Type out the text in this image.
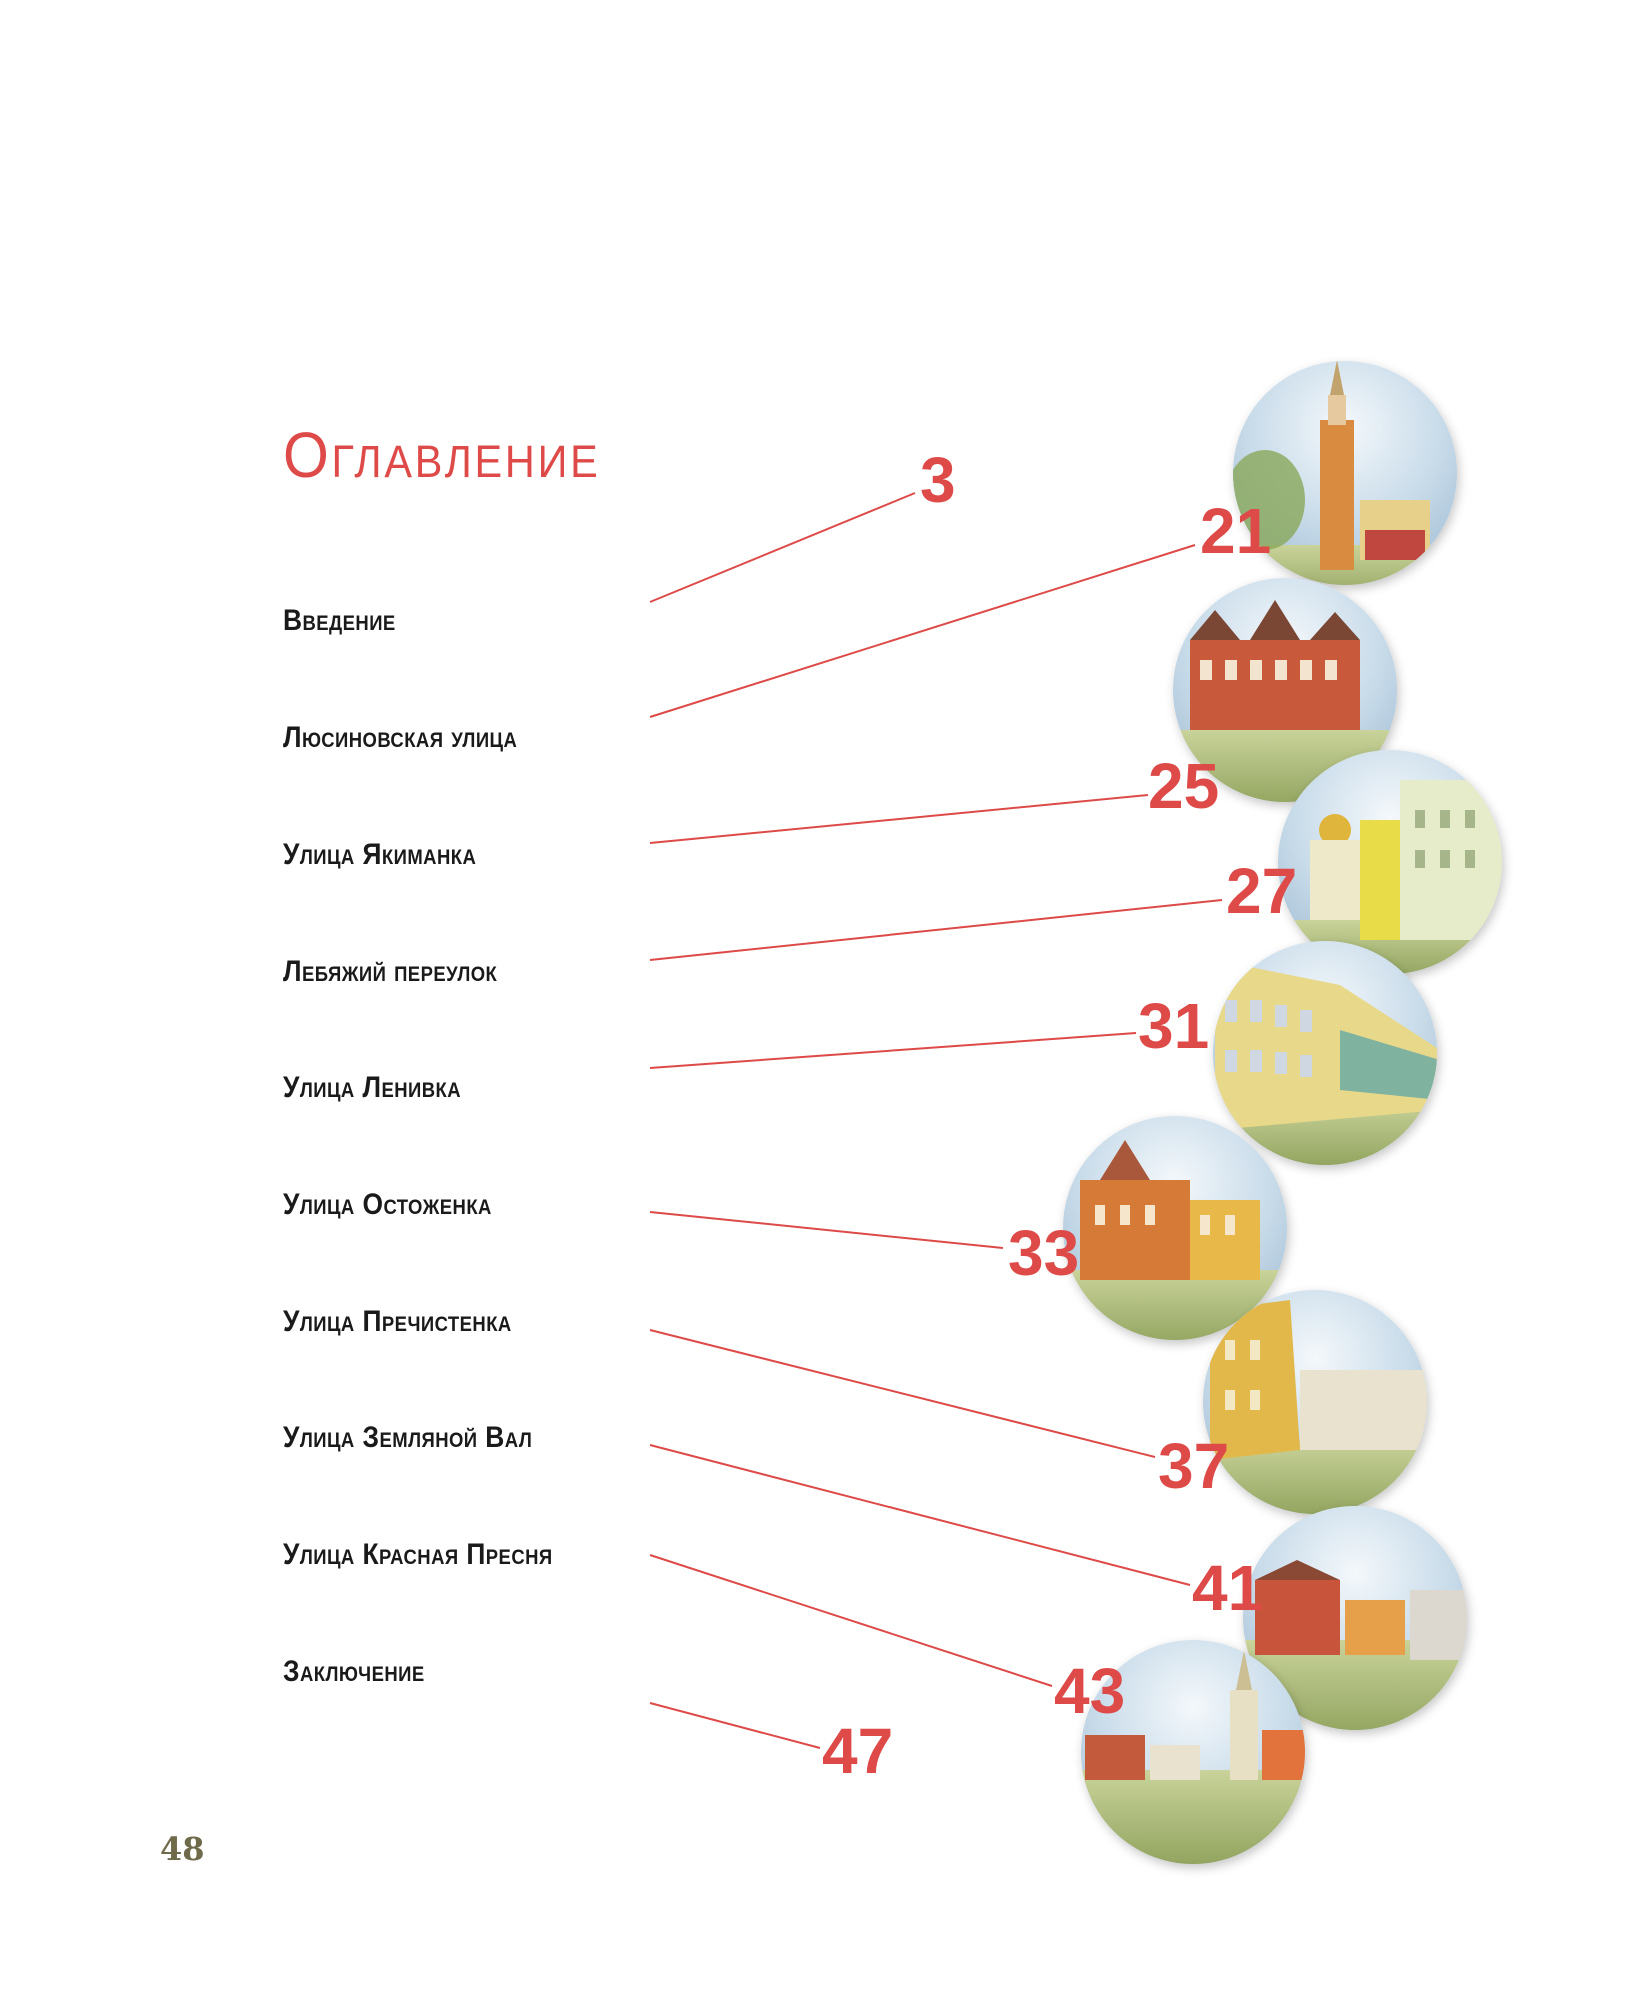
Оглавление
Введение
Люсиновская улица
Улица Якиманка
Лебяжий переулок
Улица Ленивка
Улица Остоженка
Улица Пречистенка
Улица Земляной Вал
Улица Красная Пресня
Заключение
3
21
25
27
31
33
37
41
43
47
48
